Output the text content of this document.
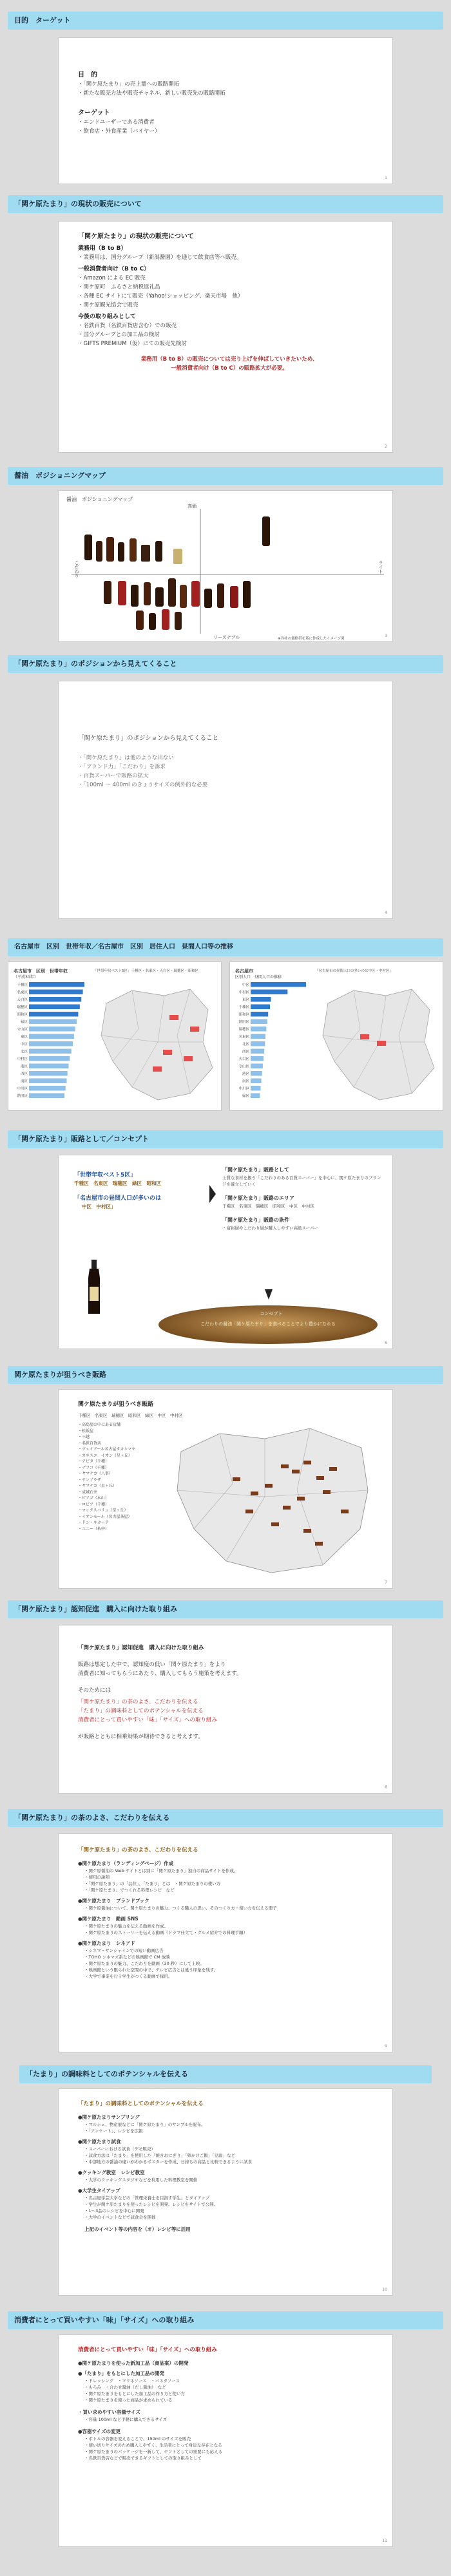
目的　ターゲット
目　的
・「関ケ原たまり」の売上量への販路開拓
・新たな販売方法や販売チャネル、新しい販売先の販路開拓
ターゲット
・エンドユーザーである消費者
・飲食店・外食産業（バイヤー）
1
「関ケ原たまり」の現状の販売について
「関ケ原たまり」の現状の販売について
業務用（B to B）
・業務用は、国分グループ（新潟醤園）を通じて飲食店等へ販売。
一般消費者向け（B to C）
・Amazon による EC 販売
・関ケ原町　ふるさと納税返礼品
・各種 EC サイトにて販売（Yahoo!ショッピング、楽天市場　他）
・関ケ原観光協会で販売
今後の取り組みとして
・名鉄百貨（名鉄百貨店含む）での販売
・国分グループとの加工品の検討
・GIFTS PREMIUM（仮）にての販売先検討
業務用（B to B）の販売については売り上げを伸ばしていきたいため、
一般消費者向け（B to C）の販路拡大が必要。
2
醤油　ポジショニングマップ
醤油　ポジショニングマップ
高価
リーズナブル
こだわり	ライト
※各社の価格帯を基に作成したイメージ図
3
「関ケ原たまり」のポジションから見えてくること
「関ケ原たまり」のポジションから見えてくること
・「関ケ原たまり」は他のような出ない
・「ブランド力」「こだわり」を訴求
・百貨スーパーで販路の拡大
・「100ml 〜 400ml のきょうサイズの例外的な必要
4
名古屋市　区別　世帯年収／名古屋市　区別　居住人口　昼間人口等の推移
名古屋市　区別　世帯年収
（平成30年）
千種区
名東区
天白区
瑞穂区
昭和区
緑区
守山区
東区
中区
北区
中村区
港区
西区
南区
中川区
熱田区
「世帯年収ベスト5区」千種区・名東区・天白区・瑞穂区・昭和区	名古屋市
区別人口　昼間人口の推移
中区
中村区
東区
千種区
昭和区
熱田区
瑞穂区
名東区
北区
西区
天白区
守山区
港区
南区
中川区
緑区
「名古屋市の昼間人口の多いのは中区・中村区」
「関ケ原たまり」販路として／コンセプト
「世帯年収ベスト5区」
千種区　名東区　瑞穂区　緑区　昭和区
「名古屋市の昼間人口が多いのは
中区　中村区」
「関ケ原たまり」販路として
上質な食材を扱う「こだわりのある百貨スーパー」を中心に、関ケ原たまりのブランドを確立していく
「関ケ原たまり」販路のエリア
千種区　名東区　瑞穂区　昭和区　中区　中村区
「関ケ原たまり」販路の条件
・富裕層やこだわり層が購入しやすい高級スーパー
コンセプト
こだわりの醤油「関ケ原たまり」を食べることでより豊かになれる
6
関ケ原たまりが狙うべき販路
関ケ原たまりが狙うべき販路
千種区　名東区　瑞穂区　昭和区　緑区　中区　中村区
・高島屋の中にある店舗
・松坂屋
・三越
・名鉄百貨店
・ジェイアール名古屋タカシマヤ
・カネスエ　イオン（星ヶ丘）
・アピタ（千種）
・ナフコ（千種）
・ヤマナカ（八事）
・サンプラザ
・ヤマナカ（星ヶ丘）
・成城石井
・ピアゴ（本山）
・ロピア（千種）
・マックスバリュ（星ヶ丘）
・イオンモール（名古屋茶屋）
・ドン・キホーテ
・ユニー（杁中）
7
「関ケ原たまり」認知促進　購入に向けた取り組み
「関ケ原たまり」認知促進　購入に向けた取り組み
販路は想定した中で、認知度の低い「関ケ原たまり」をより
消費者に知ってもらうにあたり、購入してもらう施策を考えます。
そのためには
「関ケ原たまり」の茶のよさ、こだわりを伝える
「たまり」の調味料としてのポテンシャルを伝える
消費者にとって買いやすい「味」「サイズ」への取り組み
が販路とともに相乗効果が期待できると考えます。
8
「関ケ原たまり」の茶のよさ、こだわりを伝える
「関ケ原たまり」の茶のよさ、こだわりを伝える
●関ケ原たまり（ランディングページ）作成
・関ケ原醤油の Web サイトとは別に「関ケ原たまり」独自の商品サイトを作成。
・使用の説明
・「関ケ原たまり」の「品位」、「たまり」とは　・関ケ原たまりの使い方
・「関ケ原たまり」でつくれる料理レシピ　など
●関ケ原たまり　ブランドブック
・関ケ原醤油について、関ケ原たまりの魅力、つくる職人の思い、そのつくり方・使い方を伝える冊子
●関ケ原たまり　動画 SNS
・関ケ原たまりの魅力を伝える動画を作成。
・関ケ原たまりのストーリーを伝える動画（ドラマ仕立て・グルメ紹介での料理手順）
●関ケ原たまり　シネアド
・シネマ・サンシャインでの短い動画広告
・TOHO シネマズ系などの映画館で CM 放映
・関ケ原たまりの魅力、こだわりを動画（30 秒）にして上映。
・映画館という限られた空間の中で、テレビ広告とは違う印象を残す。
・大学で事業を行う学生がつくる動画で採用。
9
「たまり」の調味料としてのポテンシャルを伝える
「たまり」の調味料としてのポテンシャルを伝える
●関ケ原たまりサンプリング
・マルシェ、物産展などに「関ケ原たまり」のサンプルを配布。
・「アンケート」、レシピを広報
●関ケ原たまり試食
・スーパーにおける試食（デモ販売）
・試食方法は「たまり」を使用した「焼きおにぎり」「卵かけご飯」「豆腐」など
・中部地方の醤油の違いがわかるポスターを作成、日持ちの商品と比較できるように試食
●クッキング教室　レシピ教室
・大学のクッキングスタジオなどを利用した料理教室を開催
●大学生タイアップ
・名古屋学芸大学などの「管理栄養士を目指す学生」とタイアップ
・学生が関ケ原たまりを使ったレシピを開発。レシピをサイトで公開。
・1〜3品のレシピを中心に開発
・大学のイベントなどで試食会を開催
上記のイベント等の内容を（オ）レシピ等に活用
10
消費者にとって買いやすい「味」「サイズ」への取り組み
消費者にとって買いやすい「味」「サイズ」への取り組み
●関ケ原たまりを使った新加工品（商品案）の開発
●「たまり」をもとにした加工品の開発
・ドレッシング　・マリネソース　・パスタソース
・もろみ　・合わせ醤油（だし醤油）　など
・関ケ原たまりをもとにした加工品の作り方と使い方
・関ケ原たまりを使った商品が求められている
・買い求めやすい容量サイズ
・容量 100ml など手軽に購入できるサイズ
●容器サイズの変更
・ボトルの容器を変えることで、150ml のサイズを販売
・使い切りサイズのため購入しやすく、生活者にとって身近な存在となる
・関ケ原たまりのパッケージを一新して、ギフトとしての需要にも応える
・名鉄百貨店などで販売できるギフトとしての取り組みとして
11
